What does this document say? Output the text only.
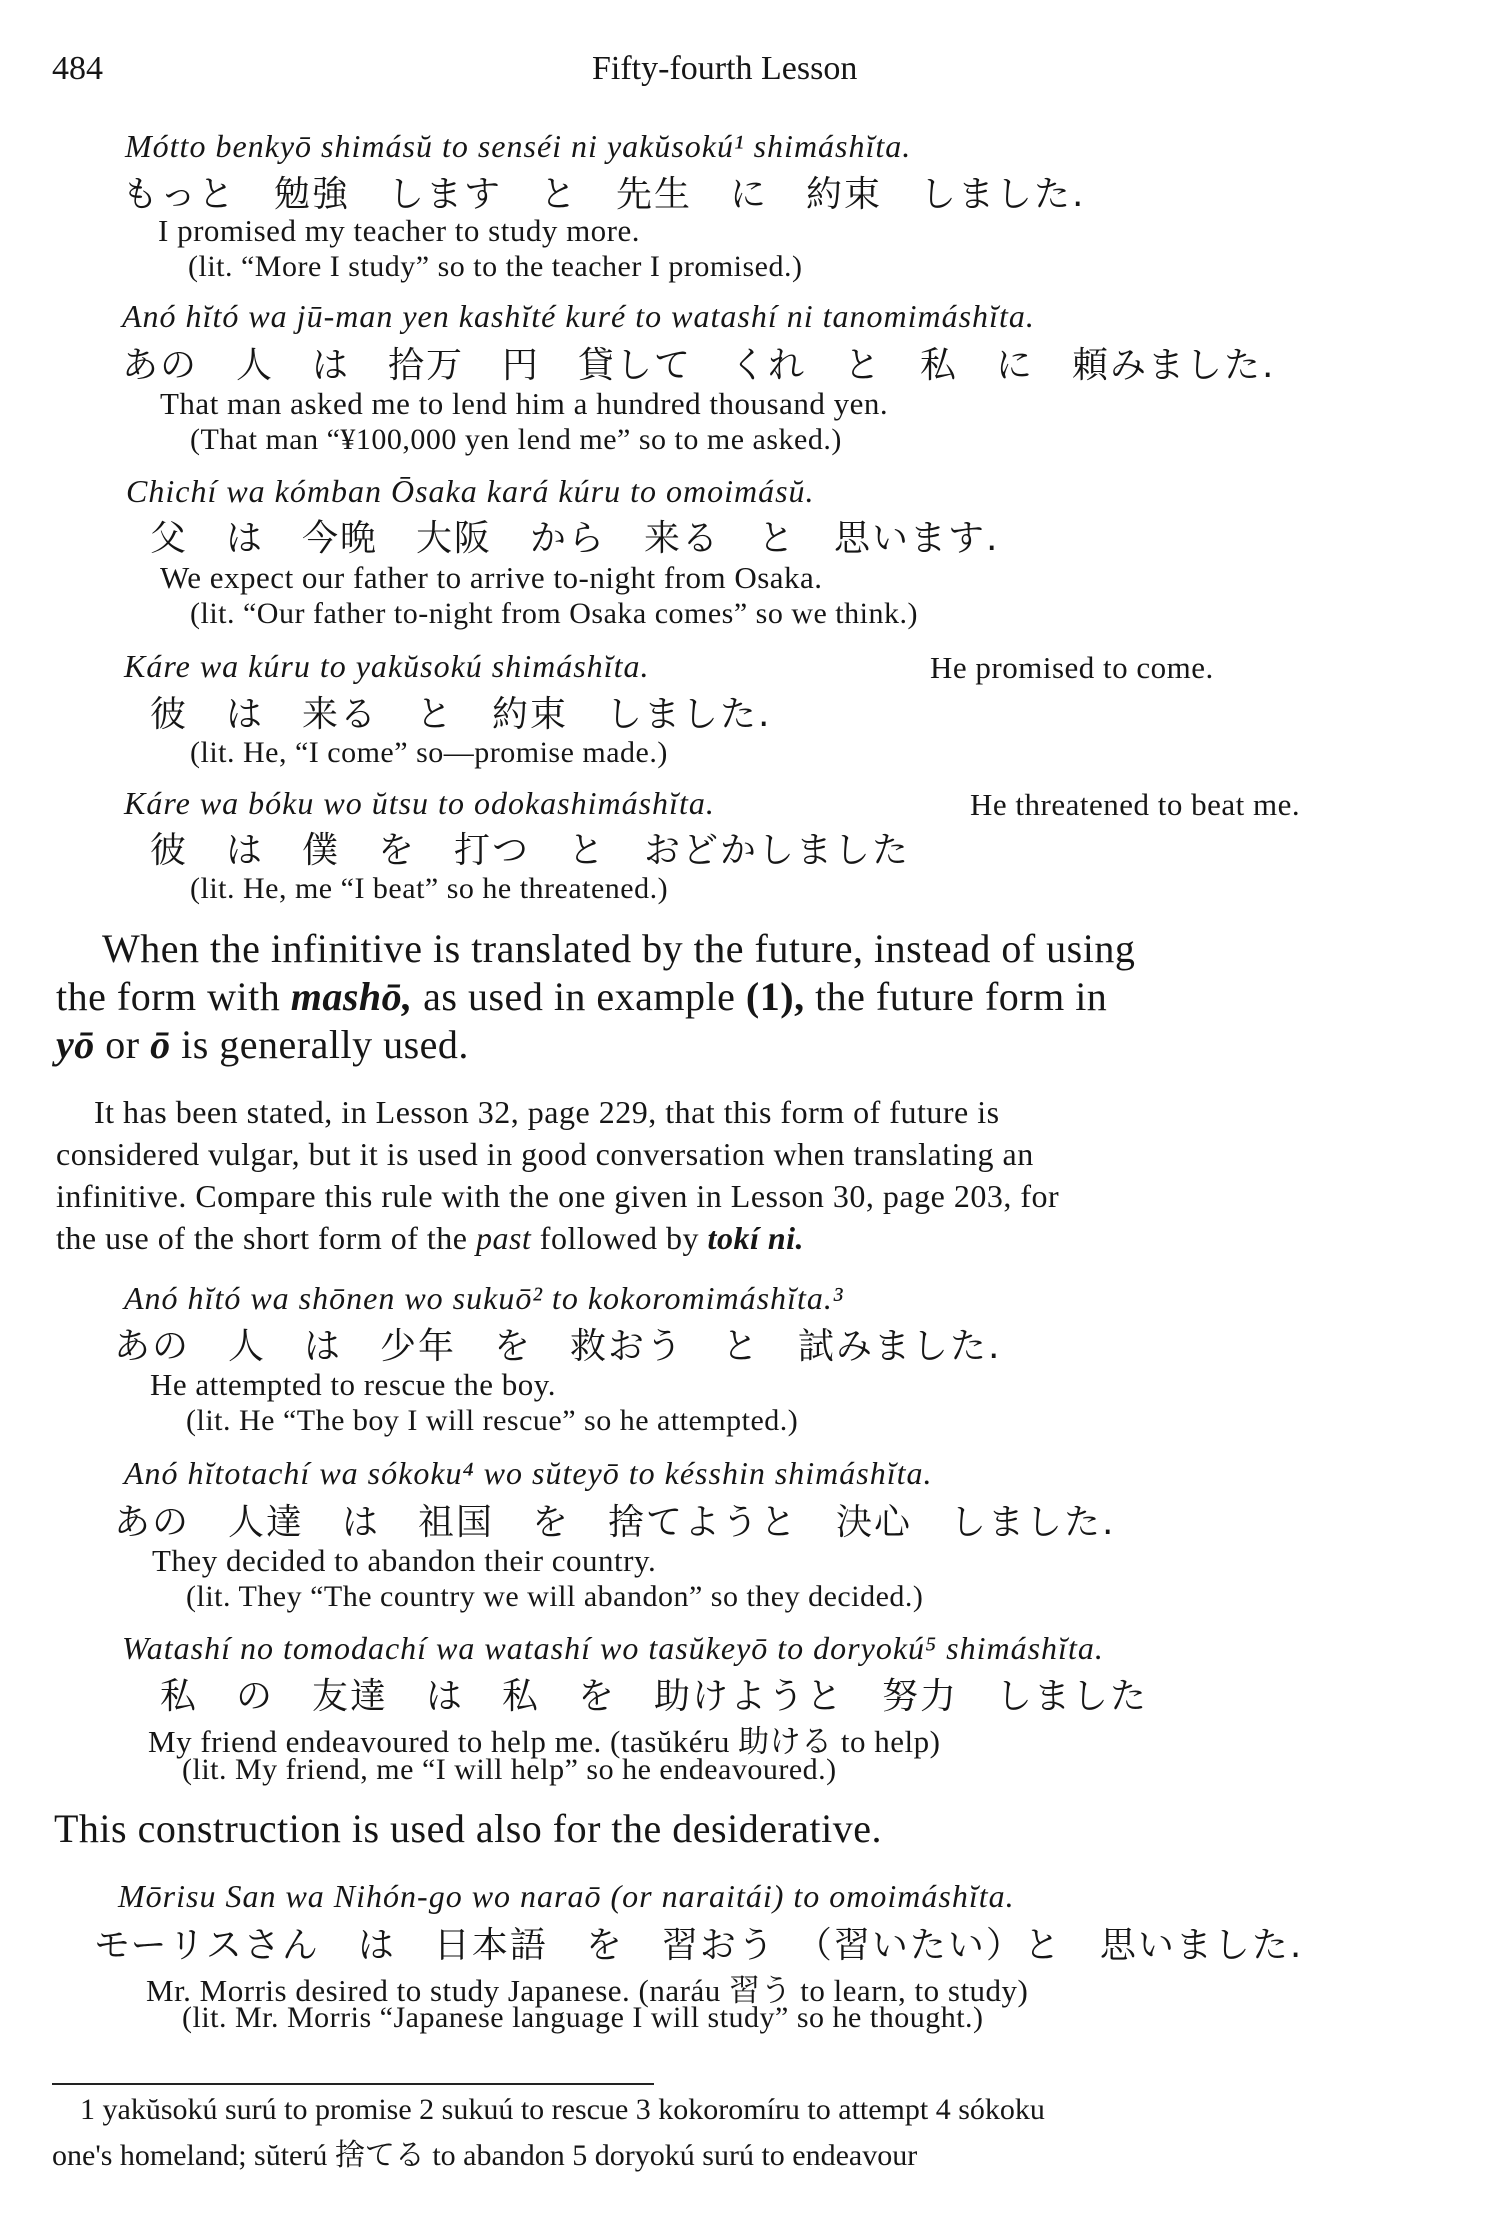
484	Fifty-fourth Lesson
Mótto benkyō shimásŭ to senséi ni yakŭsokú¹ shimáshĭta.
もっと　勉強　します　と　先生　に　約束　しました.
I promised my teacher to study more.
(lit. “More I study” so to the teacher I promised.)
Anó hĭtó wa jū-man yen kashĭté kuré to watashí ni tanomimáshĭta.
あの　人　は　拾万　円　貸して　くれ　と　私　に　頼みました.
That man asked me to lend him a hundred thousand yen.
(That man “¥100,000 yen lend me” so to me asked.)
Chichí wa kómban Ōsaka kará kúru to omoimásŭ.
父　は　今晩　大阪　から　来る　と　思います.
We expect our father to arrive to-night from Osaka.
(lit. “Our father to-night from Osaka comes” so we think.)
Káre wa kúru to yakŭsokú shimáshĭta.	He promised to come.
彼　は　来る　と　約束　しました.
(lit. He, “I come” so—promise made.)
Káre wa bóku wo ŭtsu to odokashimáshĭta.	He threatened to beat me.
彼　は　僕　を　打つ　と　おどかしました
(lit. He, me “I beat” so he threatened.)
When the infinitive is translated by the future, instead of using
the form with mashō, as used in example (1), the future form in
yō or ō is generally used.
It has been stated, in Lesson 32, page 229, that this form of future is
considered vulgar, but it is used in good conversation when translating an
infinitive. Compare this rule with the one given in Lesson 30, page 203, for
the use of the short form of the past followed by tokí ni.
Anó hĭtó wa shōnen wo sukuō² to kokoromimáshĭta.³
あの　人　は　少年　を　救おう　と　試みました.
He attempted to rescue the boy.
(lit. He “The boy I will rescue” so he attempted.)
Anó hĭtotachí wa sókoku⁴ wo sŭteyō to késshin shimáshĭta.
あの　人達　は　祖国　を　捨てようと　決心　しました.
They decided to abandon their country.
(lit. They “The country we will abandon” so they decided.)
Watashí no tomodachí wa watashí wo tasŭkeyō to doryokú⁵ shimáshĭta.
私　の　友達　は　私　を　助けようと　努力　しました
My friend endeavoured to help me. (tasŭkéru 助ける to help)
(lit. My friend, me “I will help” so he endeavoured.)
This construction is used also for the desiderative.
Mōrisu San wa Nihón-go wo naraō (or naraitái) to omoimáshĭta.
モーリスさん　は　日本語　を　習おう　（習いたい）と　思いました.
Mr. Morris desired to study Japanese. (naráu 習う to learn, to study)
(lit. Mr. Morris “Japanese language I will study” so he thought.)
1 yakŭsokú surú to promise 2 sukuú to rescue 3 kokoromíru to attempt 4 sókoku
one's homeland; sŭterú 捨てる to abandon 5 doryokú surú to endeavour
